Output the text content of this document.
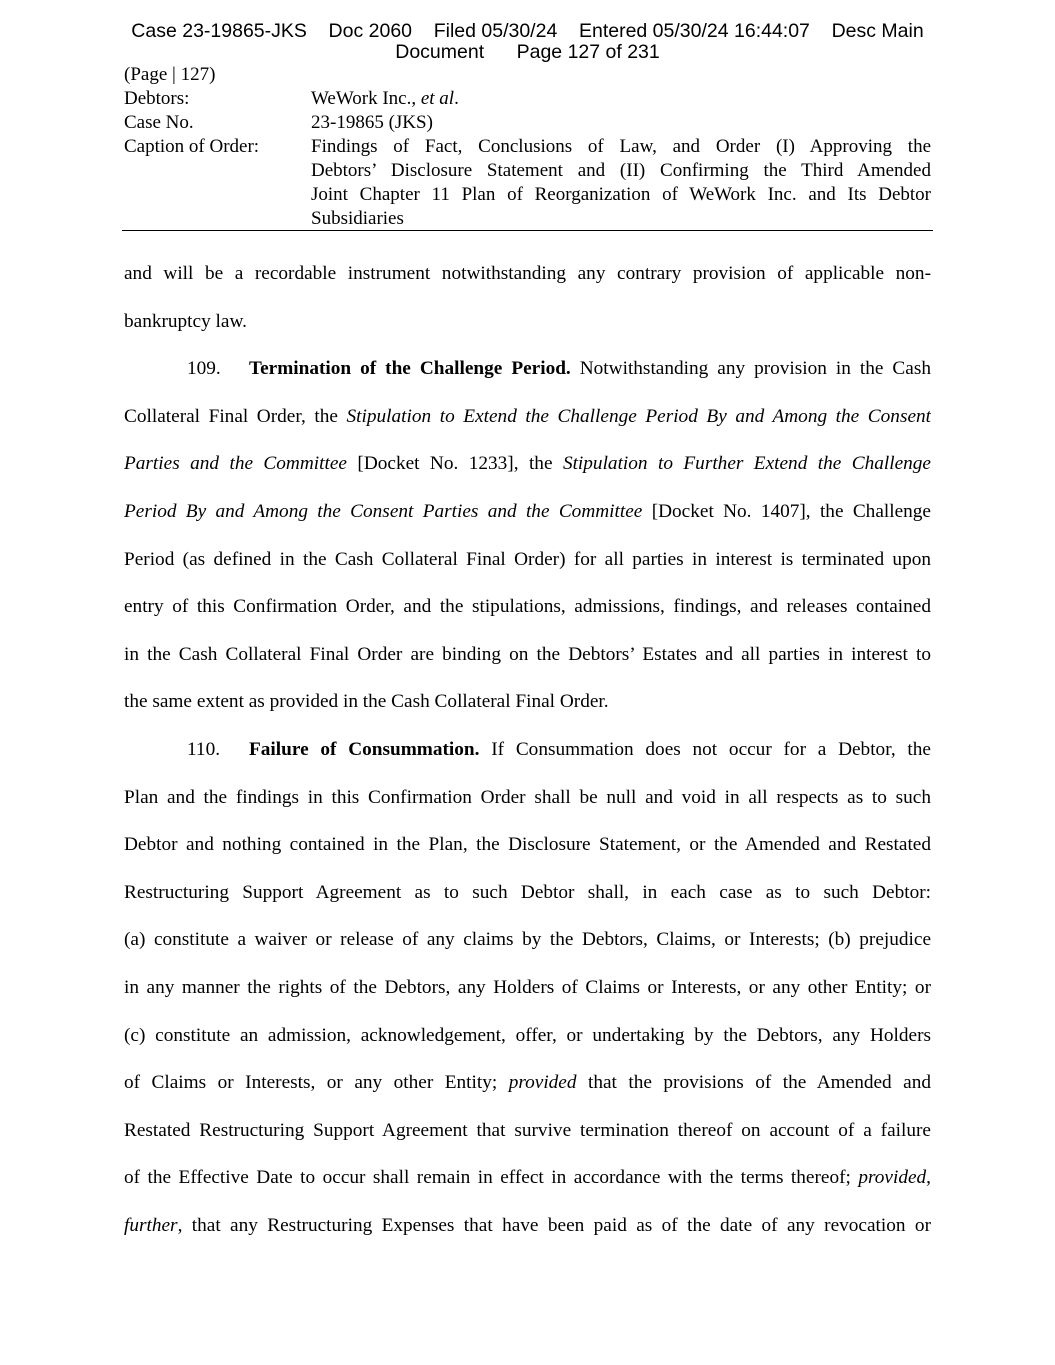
Case 23-19865-JKS    Doc 2060    Filed 05/30/24    Entered 05/30/24 16:44:07    Desc Main
Document      Page 127 of 231
(Page | 127)
Debtors:	WeWork Inc., et al.
Case No.	23-19865 (JKS)
Caption of Order:	Findings of Fact, Conclusions of Law, and Order (I) Approving the
Debtors’ Disclosure Statement and (II) Confirming the Third Amended
Joint Chapter 11 Plan of Reorganization of WeWork Inc. and Its Debtor
Subsidiaries
and will be a recordable instrument notwithstanding any contrary provision of applicable non-
bankruptcy law.
109. Termination of the Challenge Period. Notwithstanding any provision in the Cash
Collateral Final Order, the Stipulation to Extend the Challenge Period By and Among the Consent
Parties and the Committee [Docket No. 1233], the Stipulation to Further Extend the Challenge
Period By and Among the Consent Parties and the Committee [Docket No. 1407], the Challenge
Period (as defined in the Cash Collateral Final Order) for all parties in interest is terminated upon
entry of this Confirmation Order, and the stipulations, admissions, findings, and releases contained
in the Cash Collateral Final Order are binding on the Debtors’ Estates and all parties in interest to
the same extent as provided in the Cash Collateral Final Order.
110. Failure of Consummation. If Consummation does not occur for a Debtor, the
Plan and the findings in this Confirmation Order shall be null and void in all respects as to such
Debtor and nothing contained in the Plan, the Disclosure Statement, or the Amended and Restated
Restructuring Support Agreement as to such Debtor shall, in each case as to such Debtor:
(a) constitute a waiver or release of any claims by the Debtors, Claims, or Interests; (b) prejudice
in any manner the rights of the Debtors, any Holders of Claims or Interests, or any other Entity; or
(c) constitute an admission, acknowledgement, offer, or undertaking by the Debtors, any Holders
of Claims or Interests, or any other Entity; provided that the provisions of the Amended and
Restated Restructuring Support Agreement that survive termination thereof on account of a failure
of the Effective Date to occur shall remain in effect in accordance with the terms thereof; provided,
further, that any Restructuring Expenses that have been paid as of the date of any revocation or
